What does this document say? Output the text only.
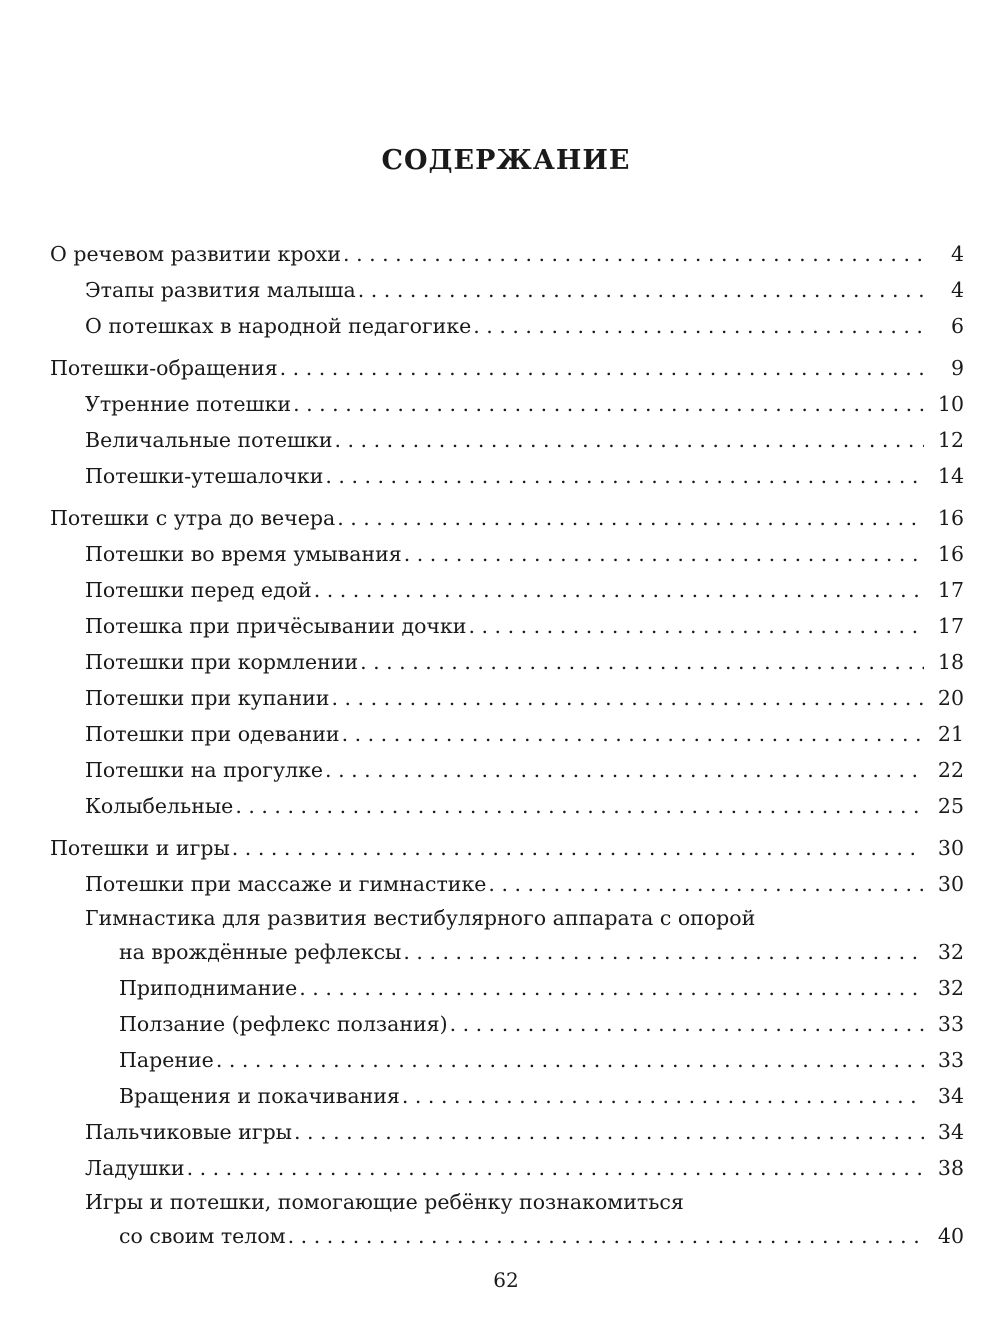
СОДЕРЖАНИЕ
О речевом развитии крохи . . .	4
Этапы развития малыша . . .	4
О потешках в народной педагогике . . .	6
Потешки-обращения . . .	9
Утренние потешки . . .	10
Величальные потешки . . .	12
Потешки-утешалочки . . .	14
Потешки с утра до вечера . . .	16
Потешки во время умывания . . .	16
Потешки перед едой . . .	17
Потешка при причёсывании дочки . . .	17
Потешки при кормлении . . .	18
Потешки при купании . . .	20
Потешки при одевании . . .	21
Потешки на прогулке . . .	22
Колыбельные . . .	25
Потешки и игры . . .	30
Потешки при массаже и гимнастике . . .	30
Гимнастика для развития вестибулярного аппарата с опорой
на врождённые рефлексы . . .	32
Приподнимание . . .	32
Ползание (рефлекс ползания) . . .	33
Парение . . .	33
Вращения и покачивания . . .	34
Пальчиковые игры . . .	34
Ладушки . . .	38
Игры и потешки, помогающие ребёнку познакомиться
со своим телом . . .	40
62
